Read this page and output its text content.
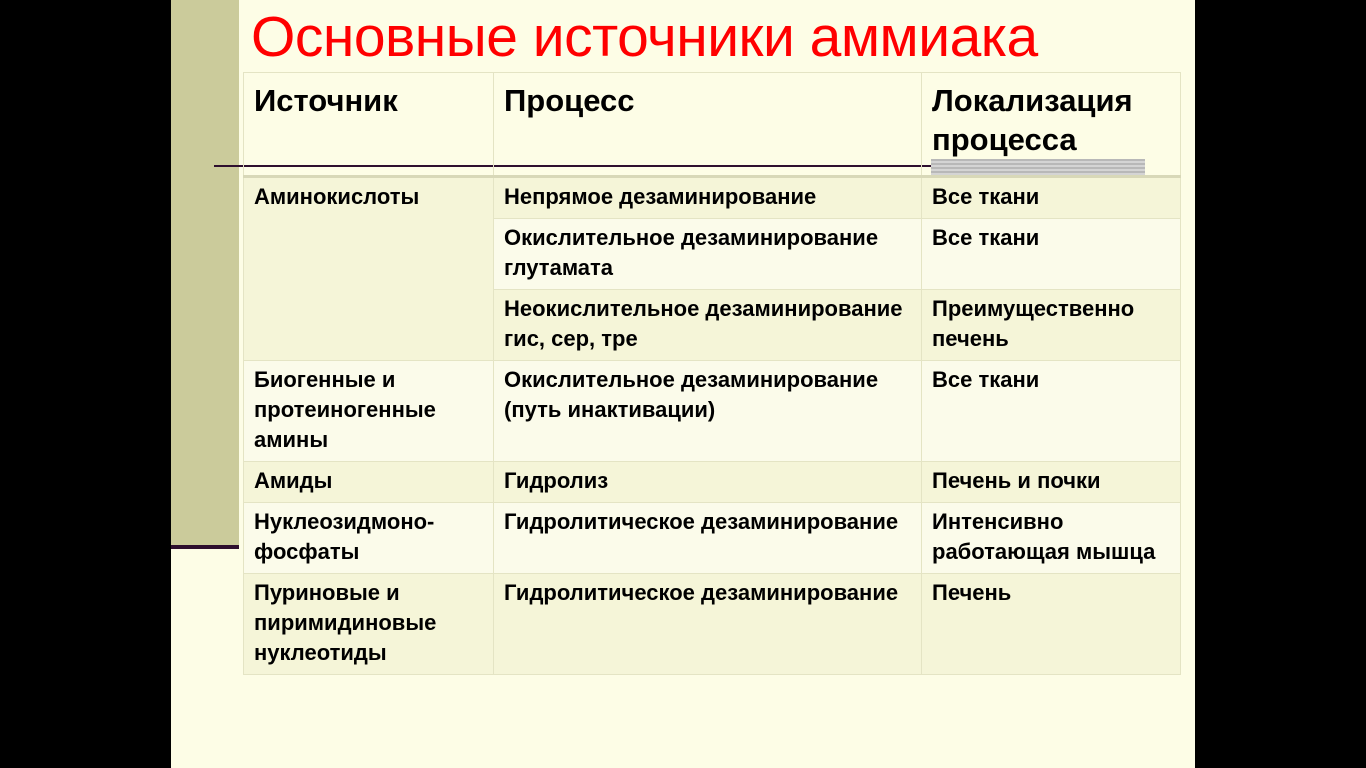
Основные источники аммиака
Источник	Процесс	Локализация процесса
Аминокислоты	Непрямое дезаминирование	Все ткани
	Окислительное дезаминирование глутамата	Все ткани
	Неокислительное дезаминирование гис, сер, тре	Преимущественно печень
Биогенные и протеиногенные амины	Окислительное дезаминирование (путь инактивации)	Все ткани
Амиды	Гидролиз	Печень и почки
Нуклеозидмоно-фосфаты	Гидролитическое дезаминирование	Интенсивно работающая мышца
Пуриновые и пиримидиновые нуклеотиды	Гидролитическое дезаминирование	Печень
